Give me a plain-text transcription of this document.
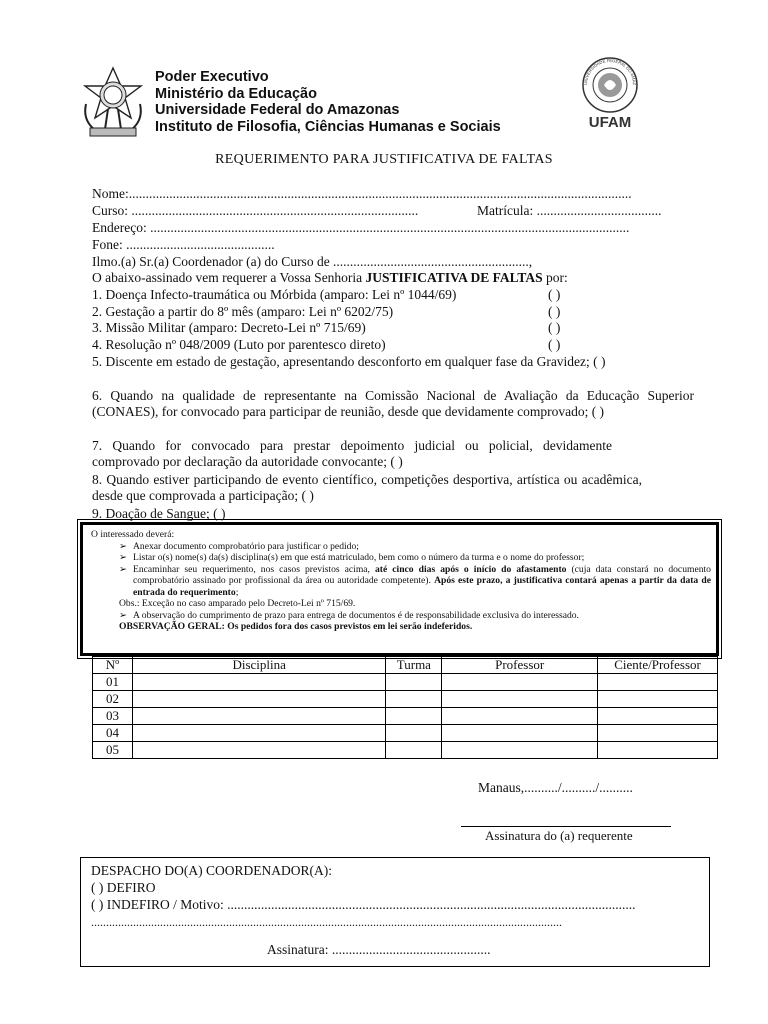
Poder Executivo
Ministério da Educação
Universidade Federal do Amazonas
Instituto de Filosofia, Ciências Humanas e Sociais
UNIVERSIDADE FEDERAL DO AMAZ
UFAM
REQUERIMENTO PARA JUSTIFICATIVA DE FALTAS
Nome:.....................................................................................................................................................
Curso: .....................................................................................	Matrícula: .....................................
Endereço: ..............................................................................................................................................
Fone: ............................................
Ilmo.(a) Sr.(a) Coordenador (a) do Curso de ..........................................................,
O abaixo-assinado vem requerer a Vossa Senhoria JUSTIFICATIVA DE FALTAS por:
1. Doença Infecto-traumática ou Mórbida (amparo: Lei nº 1044/69)	( )
2. Gestação a partir do 8º mês (amparo: Lei nº 6202/75)	( )
3. Missão Militar (amparo: Decreto-Lei nº 715/69)	( )
4. Resolução nº 048/2009 (Luto por parentesco direto)	( )
5. Discente em estado de gestação, apresentando desconforto em qualquer fase da Gravidez; ( )
6. Quando na qualidade de representante na Comissão Nacional de Avaliação da Educação Superior (CONAES), for convocado para participar de reunião, desde que devidamente comprovado; ( )
7. Quando for convocado para prestar depoimento judicial ou policial, devidamente comprovado por declaração da autoridade convocante; ( )
8. Quando estiver participando de evento científico, competições desportiva, artística ou acadêmica, desde que comprovada a participação; ( )
9. Doação de Sangue; ( )
O interessado deverá:
➢ Anexar documento comprobatório para justificar o pedido;
➢ Listar o(s) nome(s) da(s) disciplina(s) em que está matriculado, bem como o número da turma e o nome do professor;
➢ Encaminhar seu requerimento, nos casos previstos acima, até cinco dias após o início do afastamento (cuja data constará no documento comprobatório assinado por profissional da área ou autoridade competente). Após este prazo, a justificativa contará apenas a partir da data de entrada do requerimento;
Obs.: Exceção no caso amparado pelo Decreto-Lei nº 715/69.
➢ A observação do cumprimento de prazo para entrega de documentos é de responsabilidade exclusiva do interessado.
OBSERVAÇÃO GERAL: Os pedidos fora dos casos previstos em lei serão indeferidos.
Nº	Disciplina	Turma	Professor	Ciente/Professor
01				
02				
03				
04				
05				
Manaus,........../........../..........
Assinatura do (a) requerente
DESPACHO DO(A) COORDENADOR(A):
( ) DEFIRO
( ) INDEFIRO / Motivo: .........................................................................................................................
.............................................................................................................................................................
Assinatura: ...............................................
